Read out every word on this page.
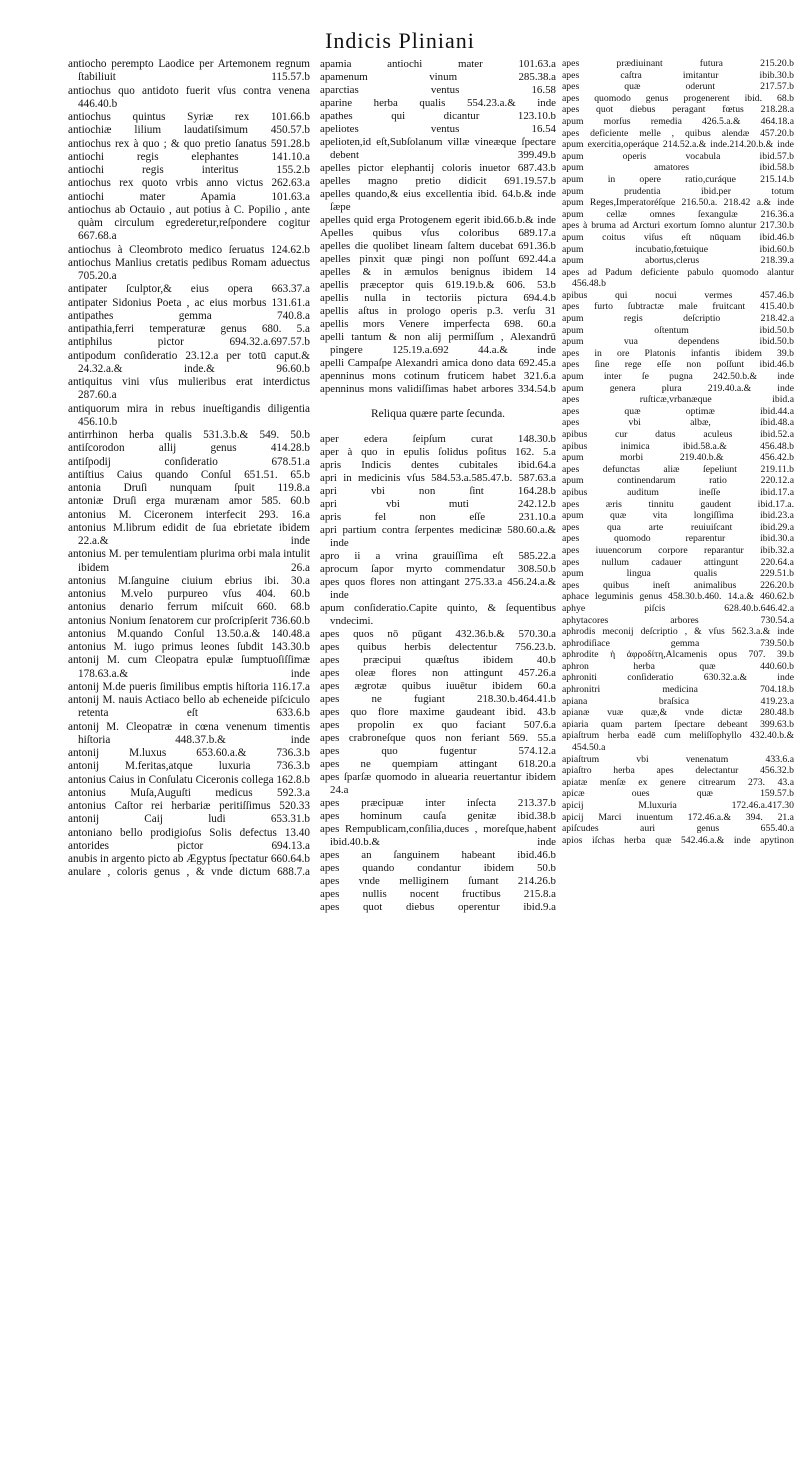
Indicis Pliniani
antiocho perempto Laodice per Artemonem regnum ſtabiliuit 115.57.b
antiochus quo antidoto fuerit vſus contra venena 446.40.b
antiochus quintus Syriæ rex 101.66.b
antiochiæ lilium laudatiſsimum 450.57.b
antiochus rex à quo ; & quo pretio ſanatus 591.28.b
antiochi regis elephantes 141.10.a
antiochi regis interitus 155.2.b
antiochus rex quoto vrbis anno victus 262.63.a
antiochi mater Apamia 101.63.a
antiochus ab Octauio , aut potius à C. Popilio , ante quàm circulum egrederetur,reſpondere cogitur 667.68.a
antiochus à Cleombroto medico ſeruatus 124.62.b
antiochus Manlius cretatis pedibus Romam aduectus 705.20.a
antipater ſculptor,& eius opera 663.37.a
antipater Sidonius Poeta , ac eius morbus 131.61.a
antipathes gemma 740.8.a
antipathia,ferri temperaturæ genus 680. 5.a
antiphilus pictor 694.32.a.697.57.b
antipodum conſideratio 23.12.a per totū caput.& 24.32.a.& inde.& 96.60.b
antiquitus vini vſus mulieribus erat interdictus 287.60.a
antiquorum mira in rebus inueſtigandis diligentia 456.10.b
antirrhinon herba qualis 531.3.b.& 549. 50.b
antiſcorodon allij genus 414.28.b
antiſpodij conſideratio 678.51.a
antiſtius Caius quando Conſul 651.51. 65.b
antonia Druſi nunquam ſpuit 119.8.a
antoniæ Druſi erga murænam amor 585. 60.b
antonius M. Ciceronem interfecit 293. 16.a
antonius M.librum edidit de ſua ebrietate ibidem 22.a.& inde
antonius M. per temulentiam plurima orbi mala intulit ibidem 26.a
antonius M.ſanguine ciuium ebrius ibi. 30.a
antonius M.velo purpureo vſus 404. 60.b
antonius denario ferrum miſcuit 660. 68.b
antonius Nonium ſenatorem cur proſcripſerit 736.60.b
antonius M.quando Conſul 13.50.a.& 140.48.a
antonius M. iugo primus leones ſubdit 143.30.b
antonij M. cum Cleopatra epulæ ſumptuoſiſſimæ 178.63.a.& inde
antonij M.de pueris ſimilibus emptis hiſtoria 116.17.a
antonij M. nauis Actiaco bello ab echeneide piſciculo retenta eſt 633.6.b
antonij M. Cleopatræ in cœna venenum timentis hiſtoria 448.37.b.& inde
antonij M.luxus 653.60.a.& 736.3.b
antonij M.feritas,atque luxuria 736.3.b
antonius Caius in Conſulatu Ciceronis collega 162.8.b
antonius Muſa,Auguſti medicus 592.3.a
antonius Caſtor rei herbariæ peritiſſimus 520.33
antonij Caij ludi 653.31.b
antoniano bello prodigioſus Solis defectus 13.40
antorides pictor 694.13.a
anubis in argento picto ab Ægyptus ſpectatur 660.64.b
anulare , coloris genus , & vnde dictum 688.7.a
apamia antiochi mater 101.63.a
apamenum vinum 285.38.a
aparctias ventus 16.58
aparine herba qualis 554.23.a.& inde
apathes qui dicantur 123.10.b
apeliotes ventus 16.54
apelioten,id eſt,Subſolanum villæ vineæque ſpectare debent 399.49.b
apelles pictor elephantij coloris inuetor 687.43.b
apelles magno pretio didicit 691.19.57.b
apelles quando,& eius excellentia ibid. 64.b.& inde ſæpe
apelles quid erga Protogenem egerit ibid.66.b.& inde
Apelles quibus vſus coloribus 689.17.a
apelles die quolibet lineam ſaltem ducebat 691.36.b
apelles pinxit quæ pingi non poſſunt 692.44.a
apelles & in æmulos benignus ibidem 14
apellis præceptor quis 619.19.b.& 606. 53.b
apellis nulla in tectoriis pictura 694.4.b
apellis aſtus in prologo operis p.3. verſu 31
apellis mors Venere imperfecta 698. 60.a
apelli tantum & non alij permiſſum , Alexandrū pingere 125.19.a.692 44.a.& inde
apelli Campaſpe Alexandri amica dono data 692.45.a
apenninus mons cotinum fruticem habet 321.6.a
apenninus mons validiſſimas habet arbores 334.54.b
Reliqua quære parte ſecunda.
aper edera ſeipſum curat 148.30.b
aper à quo in epulis ſolidus poſitus 162. 5.a
apris Indicis dentes cubitales ibid.64.a
apri in medicinis vſus 584.53.a.585.47.b. 587.63.a
apri vbi non ſint 164.28.b
apri vbi muti 242.12.b
apris fel non eſſe 231.10.a
apri partium contra ſerpentes medicinæ 580.60.a.& inde
apro ii a vrina grauiſſima eſt 585.22.a
aprocum ſapor myrto commendatur 308.50.b
apes quos flores non attingant 275.33.a 456.24.a.& inde
apum conſideratio.Capite quinto, & ſequentibus vndecimi.
apes quos nō pūgant 432.36.b.& 570.30.a
apes quibus herbis delectentur 756.23.b.
apes præcipui quæſtus ibidem 40.b
apes oleæ flores non attingunt 457.26.a
apes ægrotæ quibus iuuētur ibidem 60.a
apes ne fugiant 218.30.b.464.41.b
apes quo flore maxime gaudeant ibid. 43.b
apes propolin ex quo faciant 507.6.a
apes crabroneſque quos non feriant 569. 55.a
apes quo fugentur 574.12.a
apes ne quempiam attingant 618.20.a
apes ſparſæ quomodo in aluearia reuertantur ibidem 24.a
apes præcipuæ inter inſecta 213.37.b
apes hominum cauſa genitæ ibid.38.b
apes Rempublicam,conſilia,duces , moreſque,habent ibid.40.b.& inde
apes an ſanguinem habeant ibid.46.b
apes quando condantur ibidem 50.b
apes vnde melliginem ſumant 214.26.b
apes nullis nocent fructibus 215.8.a
apes quot diebus operentur ibid.9.a
apes prædiuinant futura 215.20.b
apes caſtra imitantur ibib.30.b
apes quæ oderunt 217.57.b
apes quomodo genus progenerent ibid. 68.b
apes quot diebus peragant fœtus 218.28.a
apum morſus remedia 426.5.a.& 464.18.a
apes deficiente melle , quibus alendæ 457.20.b
apum exercitia,operáque 214.52.a.& inde.214.20.b.& inde
apum operis vocabula ibid.57.b
apum amatores ibid.58.b
apum in opere ratio,curáque 215.14.b
apum prudentia ibid.per totum
apum Reges,Imperatoréſque 216.50.a. 218.42 a.& inde
apum cellæ omnes ſexangulæ 216.36.a
apes à bruma ad Arcturi exortum ſomno aluntur 217.30.b
apum coitus viſus eſt nūquam ibid.46.b
apum incubatio,fœtuique ibid.60.b
apum abortus,clerus 218.39.a
apes ad Padum deficiente pabulo quomodo alantur 456.48.b
apibus qui nocui vermes 457.46.b
apes furto ſubtractæ male fruitcant 415.40.b
apum regis deſcriptio 218.42.a
apum oſtentum ibid.50.b
apum vua dependens ibid.50.b
apes in ore Platonis infantis ibidem 39.b
apes ſine rege eſſe non poſſunt ibid.46.b
apum inter ſe pugna 242.50.b.& inde
apum genera plura 219.40.a.& inde
apes ruſticæ,vrbanæque ibid.a
apes quæ optimæ ibid.44.a
apes vbi albæ, ibid.48.a
apibus cur datus aculeus ibid.52.a
apibus inimica ibid.58.a.& 456.48.b
apum morbi 219.40.b.& 456.42.b
apes defunctas aliæ ſepeliunt 219.11.b
apum continendarum ratio 220.12.a
apibus auditum ineſſe ibid.17.a
apes æris tinnitu gaudent ibid.17.a.
apum quæ vita longiſſima ibid.23.a
apes qua arte reuiuiſcant ibid.29.a
apes quomodo reparentur ibid.30.a
apes iuuencorum corpore reparantur ibib.32.a
apes nullum cadauer attingunt 220.64.a
apum lingua qualis 229.51.b
apes quibus ineſt animalibus 226.20.b
aphace leguminis genus 458.30.b.460. 14.a.& 460.62.b
aphye piſcis 628.40.b.646.42.a
aphytacores arbores 730.54.a
aphrodis meconij deſcriptio , & vſus 562.3.a.& inde
aphrodiſiace gemma 739.50.b
aphrodite ἡ ἀφροδίτη,Alcamenis opus 707. 39.b
aphron herba quæ 440.60.b
aphroniti conſideratio 630.32.a.& inde
aphronitri medicina 704.18.b
apiana braſsica 419.23.a
apianæ vuæ quæ,& vnde dictæ 280.48.b
apiaria quam partem ſpectare debeant 399.63.b
apiaſtrum herba eadē cum meliſſophyllo 432.40.b.& 454.50.a
apiaſtrum vbi venenatum 433.6.a
apiaſtro herba apes delectantur 456.32.b
apiatæ menſæ ex genere citrearum 273. 43.a
apicæ oues quæ 159.57.b
apicij M.luxuria 172.46.a.417.30
apicij Marci inuentum 172.46.a.& 394. 21.a
apiſcudes auri genus 655.40.a
apios iſchas herba quæ 542.46.a.& inde apytinon
